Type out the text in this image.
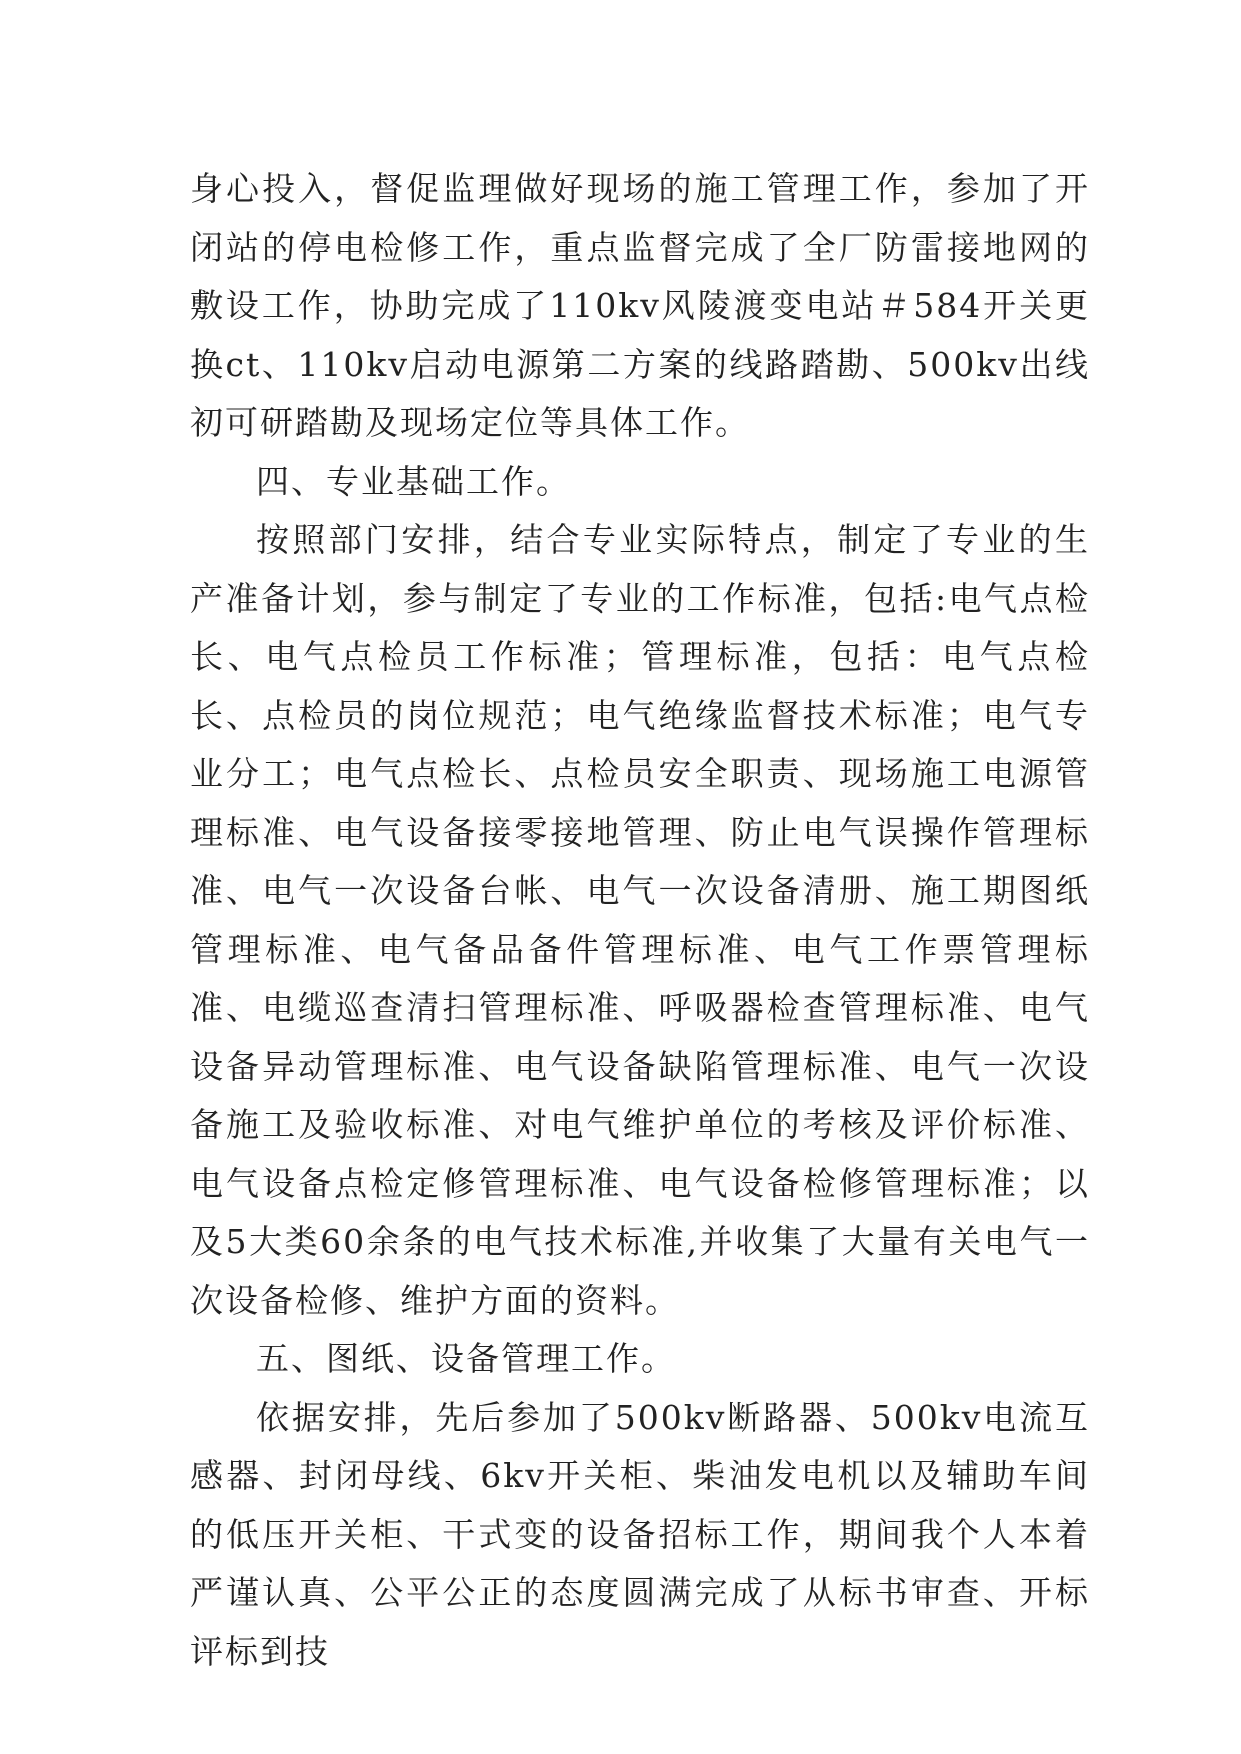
身心投入，督促监理做好现场的施工管理工作，参加了开闭站的停电检修工作，重点监督完成了全厂防雷接地网的敷设工作，协助完成了110kv风陵渡变电站＃584开关更换ct、110kv启动电源第二方案的线路踏勘、500kv出线初可研踏勘及现场定位等具体工作。

四、专业基础工作。

按照部门安排，结合专业实际特点，制定了专业的生产准备计划，参与制定了专业的工作标准，包括:电气点检长、电气点检员工作标准；管理标准，包括：电气点检长、点检员的岗位规范；电气绝缘监督技术标准；电气专业分工；电气点检长、点检员安全职责、现场施工电源管理标准、电气设备接零接地管理、防止电气误操作管理标准、电气一次设备台帐、电气一次设备清册、施工期图纸管理标准、电气备品备件管理标准、电气工作票管理标准、电缆巡查清扫管理标准、呼吸器检查管理标准、电气设备异动管理标准、电气设备缺陷管理标准、电气一次设备施工及验收标准、对电气维护单位的考核及评价标准、电气设备点检定修管理标准、电气设备检修管理标准；以及5大类60余条的电气技术标准,并收集了大量有关电气一次设备检修、维护方面的资料。

五、图纸、设备管理工作。

依据安排，先后参加了500kv断路器、500kv电流互感器、封闭母线、6kv开关柜、柴油发电机以及辅助车间的低压开关柜、干式变的设备招标工作，期间我个人本着严谨认真、公平公正的态度圆满完成了从标书审查、开标评标到技
